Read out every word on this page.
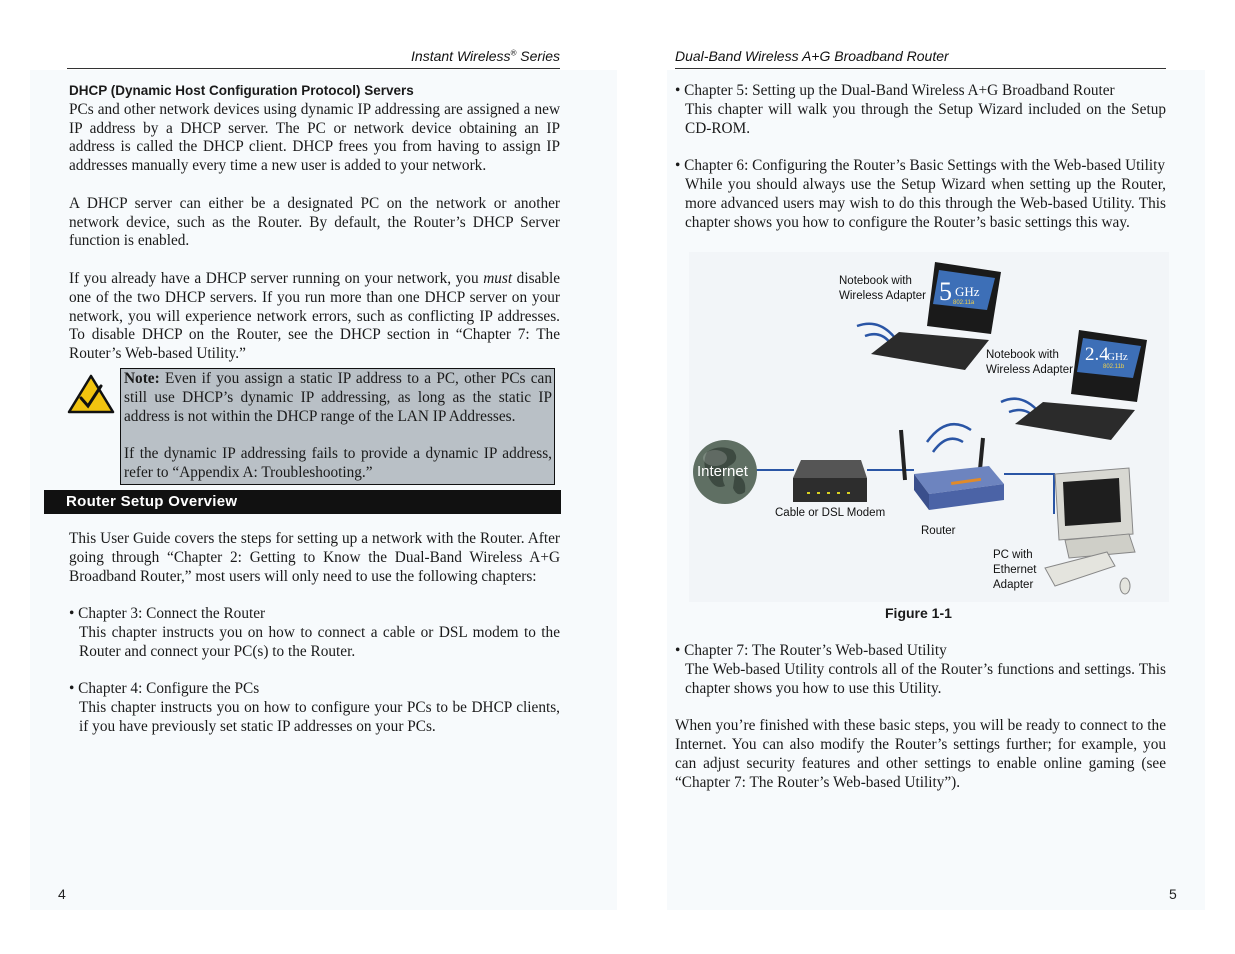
Instant Wireless® Series

DHCP (Dynamic Host Configuration Protocol) Servers

PCs and other network devices using dynamic IP addressing are assigned a new IP address by a DHCP server. The PC or network device obtaining an IP address is called the DHCP client. DHCP frees you from having to assign IP addresses manually every time a new user is added to your network.

A DHCP server can either be a designated PC on the network or another network device, such as the Router. By default, the Router’s DHCP Server function is enabled.

If you already have a DHCP server running on your network, you must disable one of the two DHCP servers. If you run more than one DHCP server on your network, you will experience network errors, such as conflicting IP addresses. To disable DHCP on the Router, see the DHCP section in “Chapter 7: The Router’s Web-based Utility.”

Note: Even if you assign a static IP address to a PC, other PCs can still use DHCP’s dynamic IP addressing, as long as the static IP address is not within the DHCP range of the LAN IP Addresses.

If the dynamic IP addressing fails to provide a dynamic IP address, refer to “Appendix A: Troubleshooting.”

Router Setup Overview

This User Guide covers the steps for setting up a network with the Router. After going through “Chapter 2: Getting to Know the Dual-Band Wireless A+G Broadband Router,” most users will only need to use the following chapters:

• Chapter 3: Connect the Router

This chapter instructs you on how to connect a cable or DSL modem to the Router and connect your PC(s) to the Router.

• Chapter 4: Configure the PCs

This chapter instructs you on how to configure your PCs to be DHCP clients, if you have previously set static IP addresses on your PCs.

4
Dual-Band Wireless A+G Broadband Router

• Chapter 5: Setting up the Dual-Band Wireless A+G Broadband Router

This chapter will walk you through the Setup Wizard included on the Setup CD-ROM.

• Chapter 6: Configuring the Router’s Basic Settings with the Web-based Utility

While you should always use the Setup Wizard when setting up the Router, more advanced users may wish to do this through the Web-based Utility. This chapter shows you how to configure the Router’s basic settings this way.

Internet
Cable or DSL Modem
Router
5 GHz
802.11a
Notebook with Wireless Adapter
2.4
GHz
802.11b
Notebook with Wireless Adapter
PC with Ethernet Adapter
Figure 1-1

• Chapter 7: The Router’s Web-based Utility

The Web-based Utility controls all of the Router’s functions and settings. This chapter shows you how to use this Utility.

When you’re finished with these basic steps, you will be ready to connect to the Internet. You can also modify the Router’s settings further; for example, you can adjust security features and other settings to enable online gaming (see “Chapter 7: The Router’s Web-based Utility”).

5
